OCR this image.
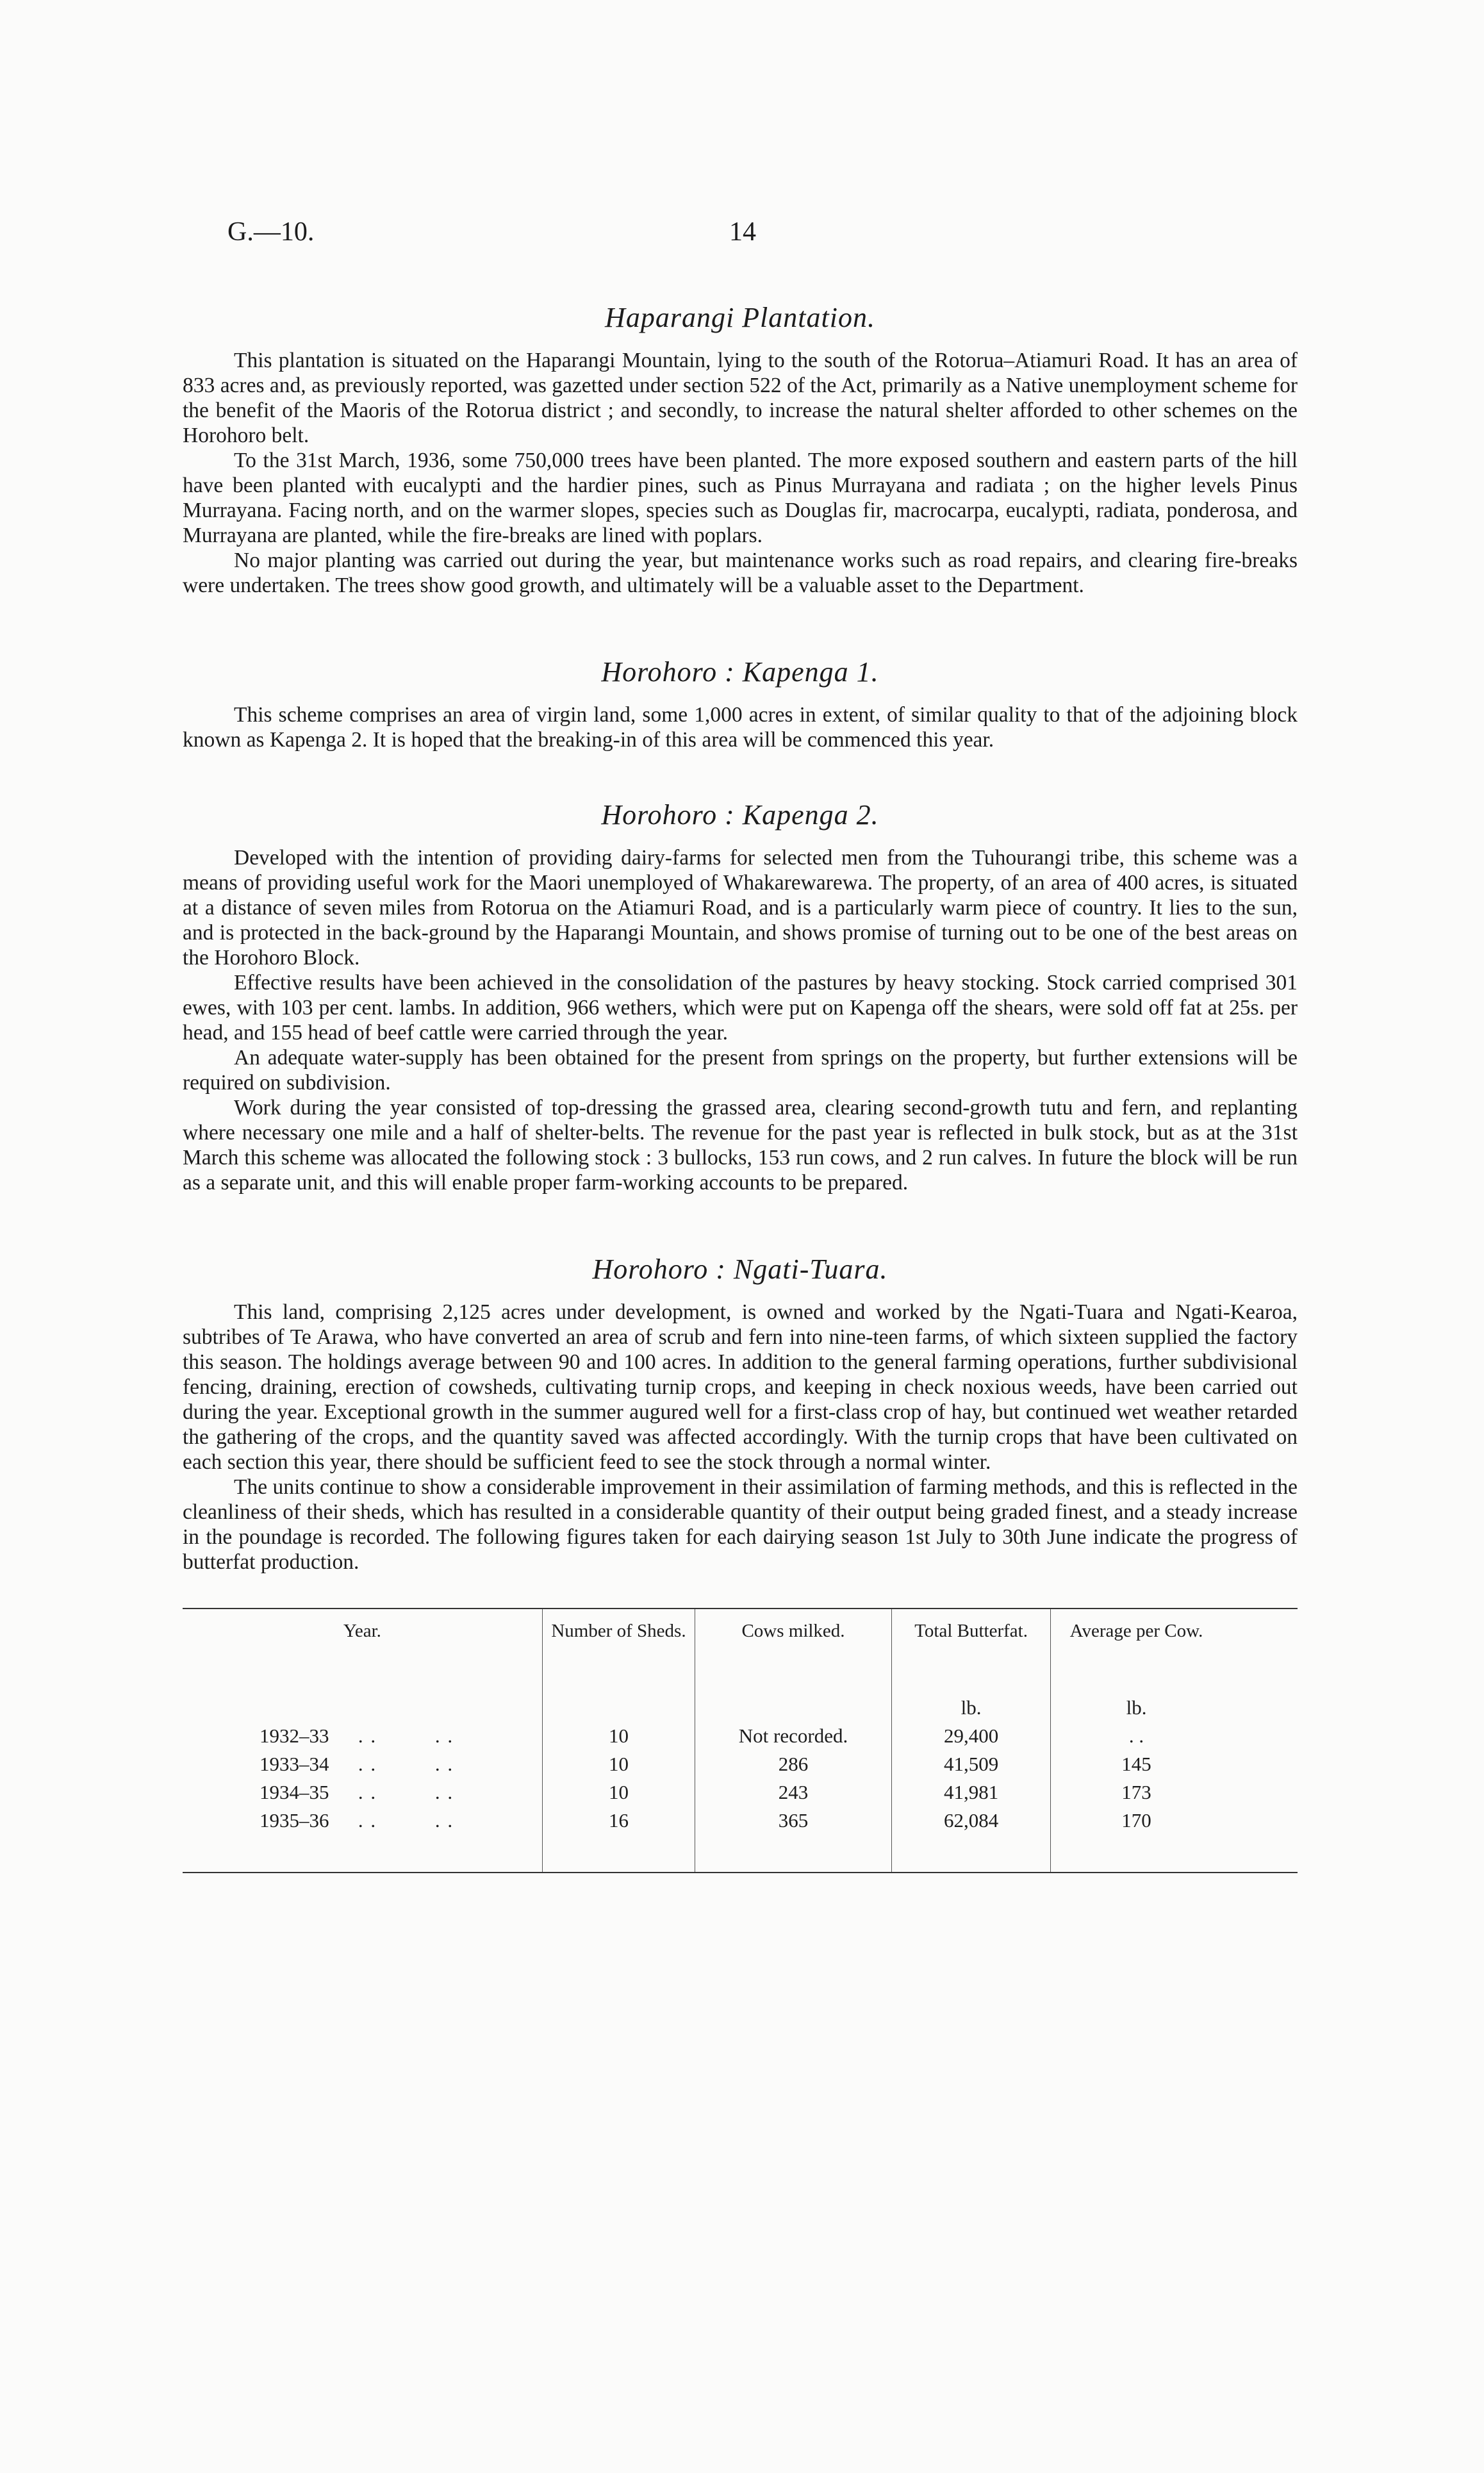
G.—10.	14
Haparangi Plantation.

This plantation is situated on the Haparangi Mountain, lying to the south of the Rotorua–Atiamuri Road. It has an area of 833 acres and, as previously reported, was gazetted under section 522 of the Act, primarily as a Native unemployment scheme for the benefit of the Maoris of the Rotorua district ; and secondly, to increase the natural shelter afforded to other schemes on the Horohoro belt.

To the 31st March, 1936, some 750,000 trees have been planted. The more exposed southern and eastern parts of the hill have been planted with eucalypti and the hardier pines, such as Pinus Murrayana and radiata ; on the higher levels Pinus Murrayana. Facing north, and on the warmer slopes, species such as Douglas fir, macrocarpa, eucalypti, radiata, ponderosa, and Murrayana are planted, while the fire-breaks are lined with poplars.

No major planting was carried out during the year, but maintenance works such as road repairs, and clearing fire-breaks were undertaken. The trees show good growth, and ultimately will be a valuable asset to the Department.

Horohoro : Kapenga 1.

This scheme comprises an area of virgin land, some 1,000 acres in extent, of similar quality to that of the adjoining block known as Kapenga 2. It is hoped that the breaking-in of this area will be commenced this year.

Horohoro : Kapenga 2.

Developed with the intention of providing dairy-farms for selected men from the Tuhourangi tribe, this scheme was a means of providing useful work for the Maori unemployed of Whakarewarewa. The property, of an area of 400 acres, is situated at a distance of seven miles from Rotorua on the Atiamuri Road, and is a particularly warm piece of country. It lies to the sun, and is protected in the back-ground by the Haparangi Mountain, and shows promise of turning out to be one of the best areas on the Horohoro Block.

Effective results have been achieved in the consolidation of the pastures by heavy stocking. Stock carried comprised 301 ewes, with 103 per cent. lambs. In addition, 966 wethers, which were put on Kapenga off the shears, were sold off fat at 25s. per head, and 155 head of beef cattle were carried through the year.

An adequate water-supply has been obtained for the present from springs on the property, but further extensions will be required on subdivision.

Work during the year consisted of top-dressing the grassed area, clearing second-growth tutu and fern, and replanting where necessary one mile and a half of shelter-belts. The revenue for the past year is reflected in bulk stock, but as at the 31st March this scheme was allocated the following stock : 3 bullocks, 153 run cows, and 2 run calves. In future the block will be run as a separate unit, and this will enable proper farm-working accounts to be prepared.

Horohoro : Ngati-Tuara.

This land, comprising 2,125 acres under development, is owned and worked by the Ngati-Tuara and Ngati-Kearoa, subtribes of Te Arawa, who have converted an area of scrub and fern into nine-teen farms, of which sixteen supplied the factory this season. The holdings average between 90 and 100 acres. In addition to the general farming operations, further subdivisional fencing, draining, erection of cowsheds, cultivating turnip crops, and keeping in check noxious weeds, have been carried out during the year. Exceptional growth in the summer augured well for a first-class crop of hay, but continued wet weather retarded the gathering of the crops, and the quantity saved was affected accordingly. With the turnip crops that have been cultivated on each section this year, there should be sufficient feed to see the stock through a normal winter.

The units continue to show a considerable improvement in their assimilation of farming methods, and this is reflected in the cleanliness of their sheds, which has resulted in a considerable quantity of their output being graded finest, and a steady increase in the poundage is recorded. The following figures taken for each dairying season 1st July to 30th June indicate the progress of butterfat production.

Year.	Number of Sheds.	Cows milked.	Total Butterfat.	Average per Cow.	
			lb.	lb.	
1932–33 . . . .	10	Not recorded.	29,400	. .	
1933–34 . . . .	10	286	41,509	145	
1934–35 . . . .	10	243	41,981	173	
1935–36 . . . .	16	365	62,084	170	
